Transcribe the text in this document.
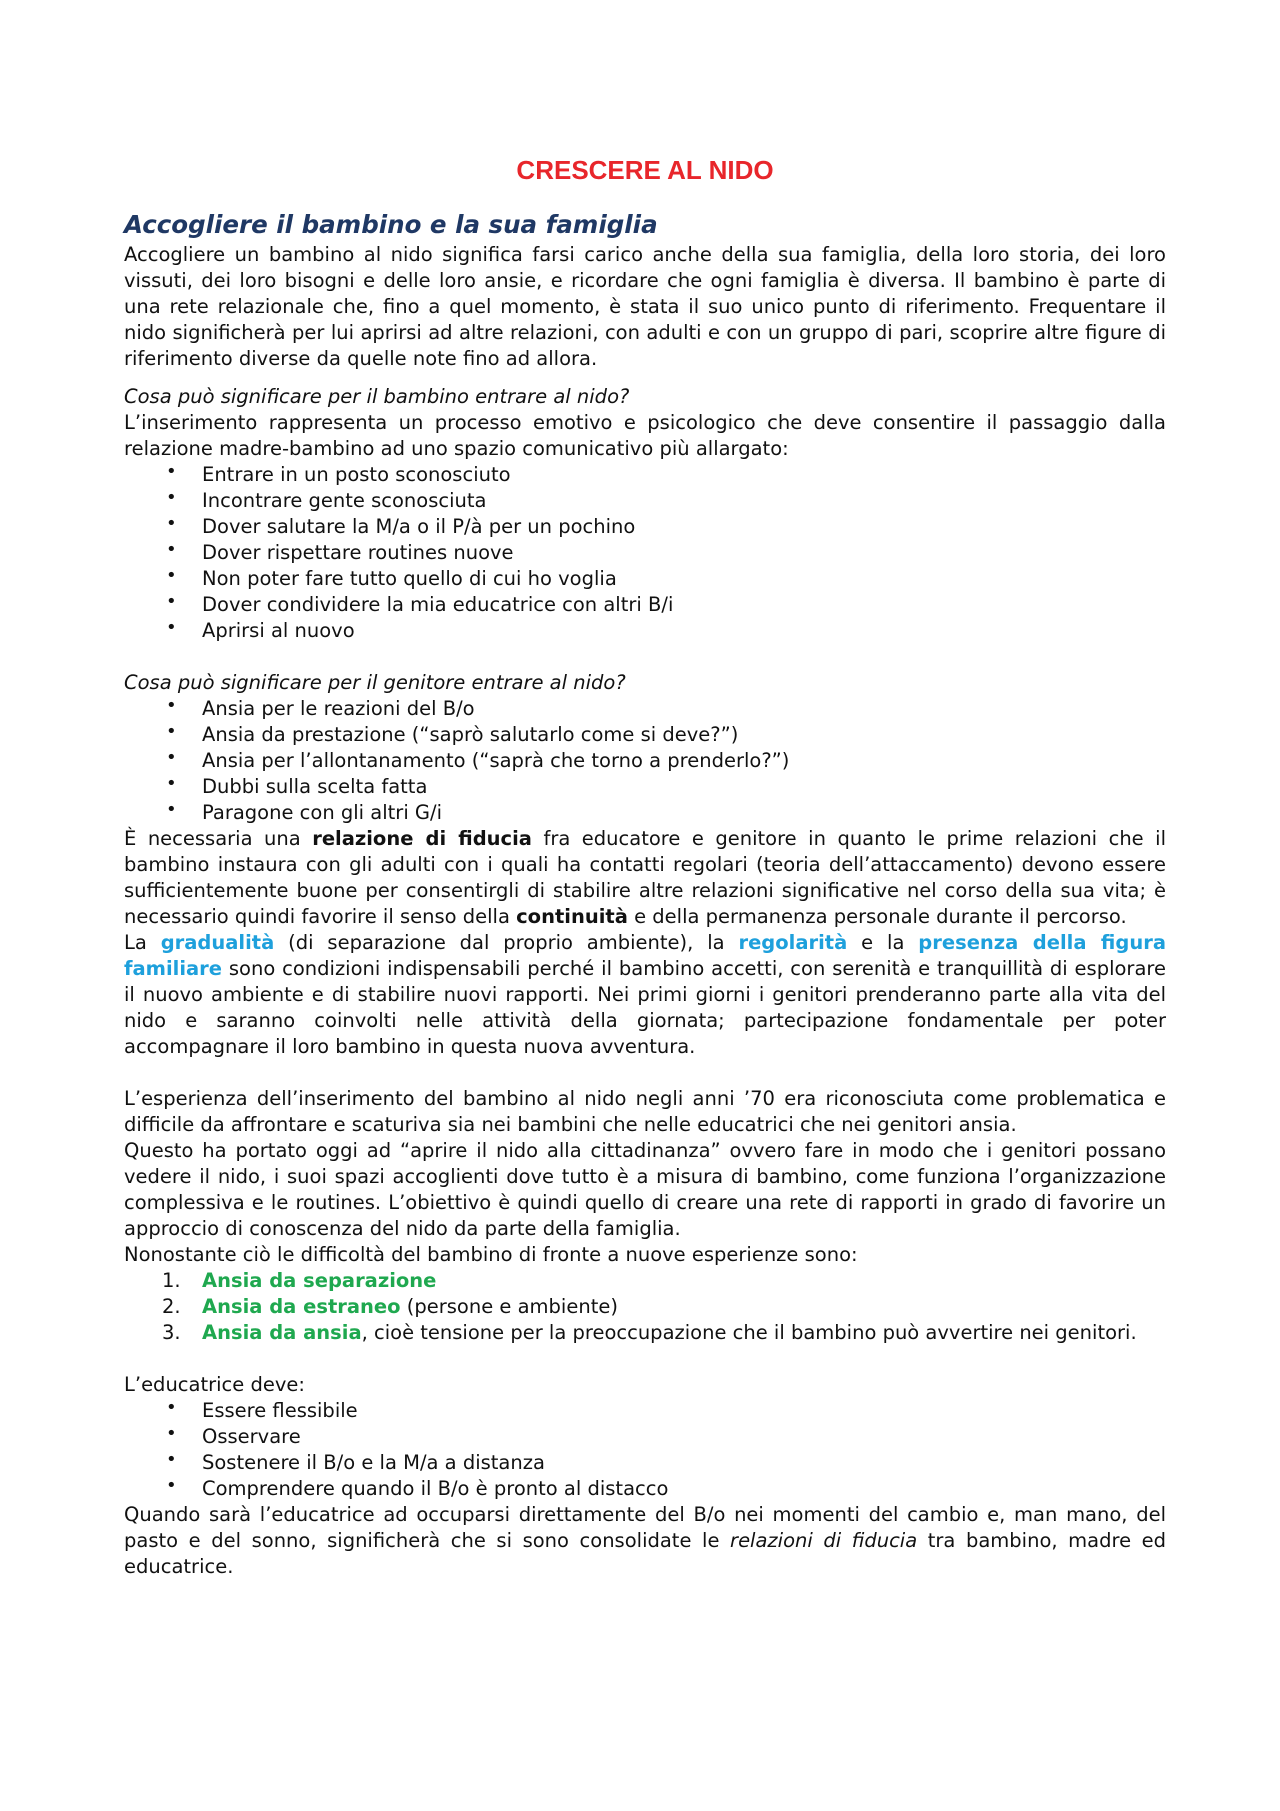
CRESCERE AL NIDO
Accogliere il bambino e la sua famiglia

Accogliere un bambino al nido significa farsi carico anche della sua famiglia, della loro storia, dei loro vissuti, dei loro bisogni e delle loro ansie, e ricordare che ogni famiglia è diversa. Il bambino è parte di una rete relazionale che, fino a quel momento, è stata il suo unico punto di riferimento. Frequentare il nido significherà per lui aprirsi ad altre relazioni, con adulti e con un gruppo di pari, scoprire altre figure di riferimento diverse da quelle note fino ad allora.

Cosa può significare per il bambino entrare al nido?

L’inserimento rappresenta un processo emotivo e psicologico che deve consentire il passaggio dalla relazione madre-bambino ad uno spazio comunicativo più allargato:

• Entrare in un posto sconosciuto
• Incontrare gente sconosciuta
• Dover salutare la M/a o il P/à per un pochino
• Dover rispettare routines nuove
• Non poter fare tutto quello di cui ho voglia
• Dover condividere la mia educatrice con altri B/i
• Aprirsi al nuovo

Cosa può significare per il genitore entrare al nido?

• Ansia per le reazioni del B/o
• Ansia da prestazione (“saprò salutarlo come si deve?”)
• Ansia per l’allontanamento (“saprà che torno a prenderlo?”)
• Dubbi sulla scelta fatta
• Paragone con gli altri G/i

È necessaria una relazione di fiducia fra educatore e genitore in quanto le prime relazioni che il bambino instaura con gli adulti con i quali ha contatti regolari (teoria dell’attaccamento) devono essere sufficientemente buone per consentirgli di stabilire altre relazioni significative nel corso della sua vita; è necessario quindi favorire il senso della continuità e della permanenza personale durante il percorso.

La gradualità (di separazione dal proprio ambiente), la regolarità e la presenza della figura familiare sono condizioni indispensabili perché il bambino accetti, con serenità e tranquillità di esplorare il nuovo ambiente e di stabilire nuovi rapporti. Nei primi giorni i genitori prenderanno parte alla vita del nido e saranno coinvolti nelle attività della giornata; partecipazione fondamentale per poter accompagnare il loro bambino in questa nuova avventura.

L’esperienza dell’inserimento del bambino al nido negli anni ’70 era riconosciuta come problematica e difficile da affrontare e scaturiva sia nei bambini che nelle educatrici che nei genitori ansia.

Questo ha portato oggi ad “aprire il nido alla cittadinanza” ovvero fare in modo che i genitori possano vedere il nido, i suoi spazi accoglienti dove tutto è a misura di bambino, come funziona l’organizzazione complessiva e le routines. L’obiettivo è quindi quello di creare una rete di rapporti in grado di favorire un approccio di conoscenza del nido da parte della famiglia.

Nonostante ciò le difficoltà del bambino di fronte a nuove esperienze sono:

1. Ansia da separazione
2. Ansia da estraneo (persone e ambiente)
3. Ansia da ansia, cioè tensione per la preoccupazione che il bambino può avvertire nei genitori.

L’educatrice deve:

• Essere flessibile
• Osservare
• Sostenere il B/o e la M/a a distanza
• Comprendere quando il B/o è pronto al distacco

Quando sarà l’educatrice ad occuparsi direttamente del B/o nei momenti del cambio e, man mano, del pasto e del sonno, significherà che si sono consolidate le relazioni di fiducia tra bambino, madre ed educatrice.
